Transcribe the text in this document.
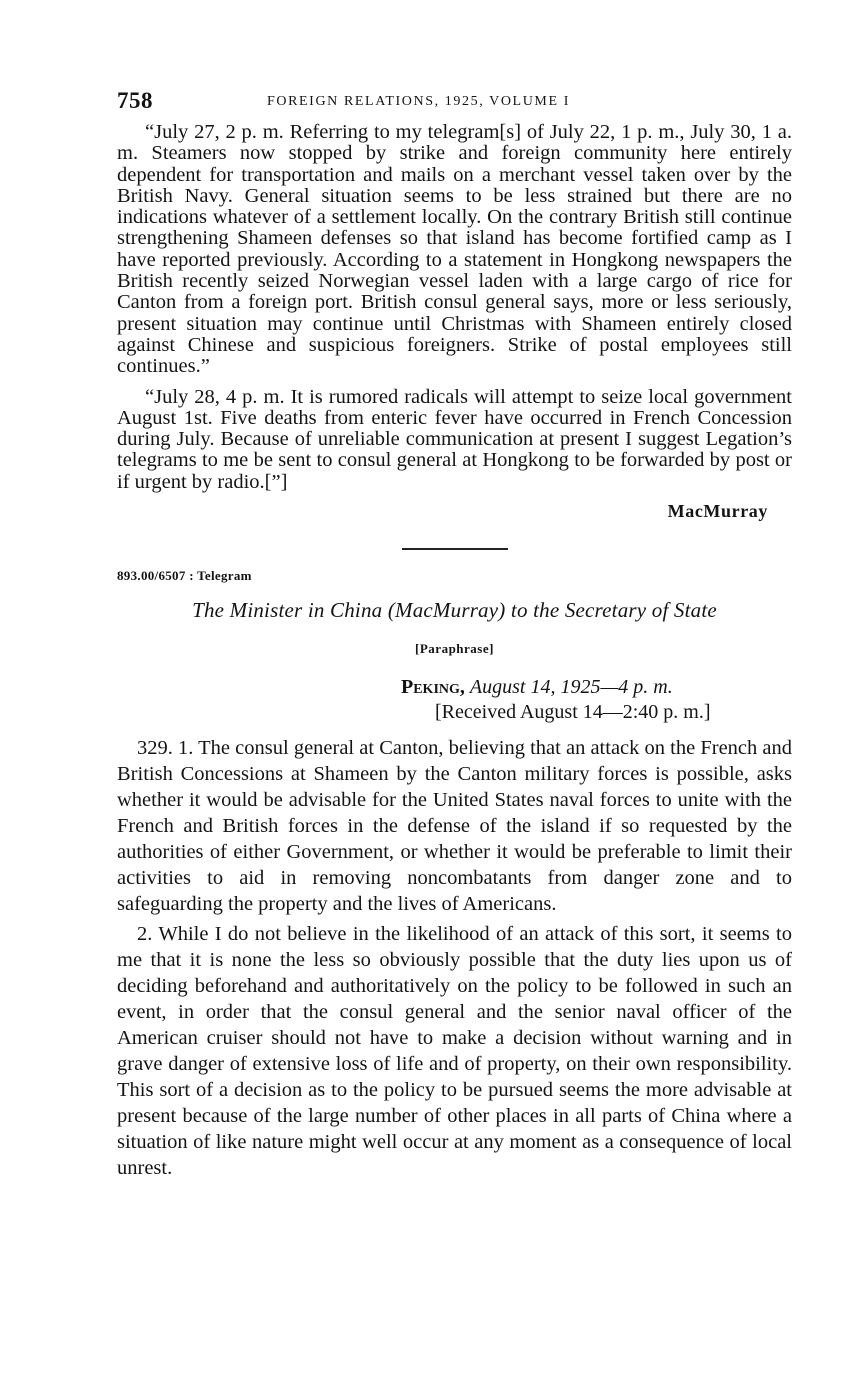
758	FOREIGN RELATIONS, 1925, VOLUME I

“July 27, 2 p. m. Referring to my telegram[s] of July 22, 1 p. m., July 30, 1 a. m. Steamers now stopped by strike and foreign community here entirely dependent for transportation and mails on a merchant vessel taken over by the British Navy. General situation seems to be less strained but there are no indications whatever of a settlement locally. On the contrary British still continue strengthening Shameen defenses so that island has become fortified camp as I have reported previously. According to a statement in Hongkong newspapers the British recently seized Norwegian vessel laden with a large cargo of rice for Canton from a foreign port. British consul general says, more or less seriously, present situation may continue until Christmas with Shameen entirely closed against Chinese and suspicious foreigners. Strike of postal employees still continues.”

“July 28, 4 p. m. It is rumored radicals will attempt to seize local government August 1st. Five deaths from enteric fever have occurred in French Concession during July. Because of unreliable communication at present I suggest Legation’s telegrams to me be sent to consul general at Hongkong to be forwarded by post or if urgent by radio.[”]

MacMurray
893.00/6507 : Telegram
The Minister in China (MacMurray) to the Secretary of State
[Paraphrase]
Peking, August 14, 1925—4 p. m.
[Received August 14—2:40 p. m.]

329. 1. The consul general at Canton, believing that an attack on the French and British Concessions at Shameen by the Canton military forces is possible, asks whether it would be advisable for the United States naval forces to unite with the French and British forces in the defense of the island if so requested by the authorities of either Government, or whether it would be preferable to limit their activities to aid in removing noncombatants from danger zone and to safeguarding the property and the lives of Americans.

2. While I do not believe in the likelihood of an attack of this sort, it seems to me that it is none the less so obviously possible that the duty lies upon us of deciding beforehand and authoritatively on the policy to be followed in such an event, in order that the consul general and the senior naval officer of the American cruiser should not have to make a decision without warning and in grave danger of extensive loss of life and of property, on their own responsibility. This sort of a decision as to the policy to be pursued seems the more advisable at present because of the large number of other places in all parts of China where a situation of like nature might well occur at any moment as a consequence of local unrest.
